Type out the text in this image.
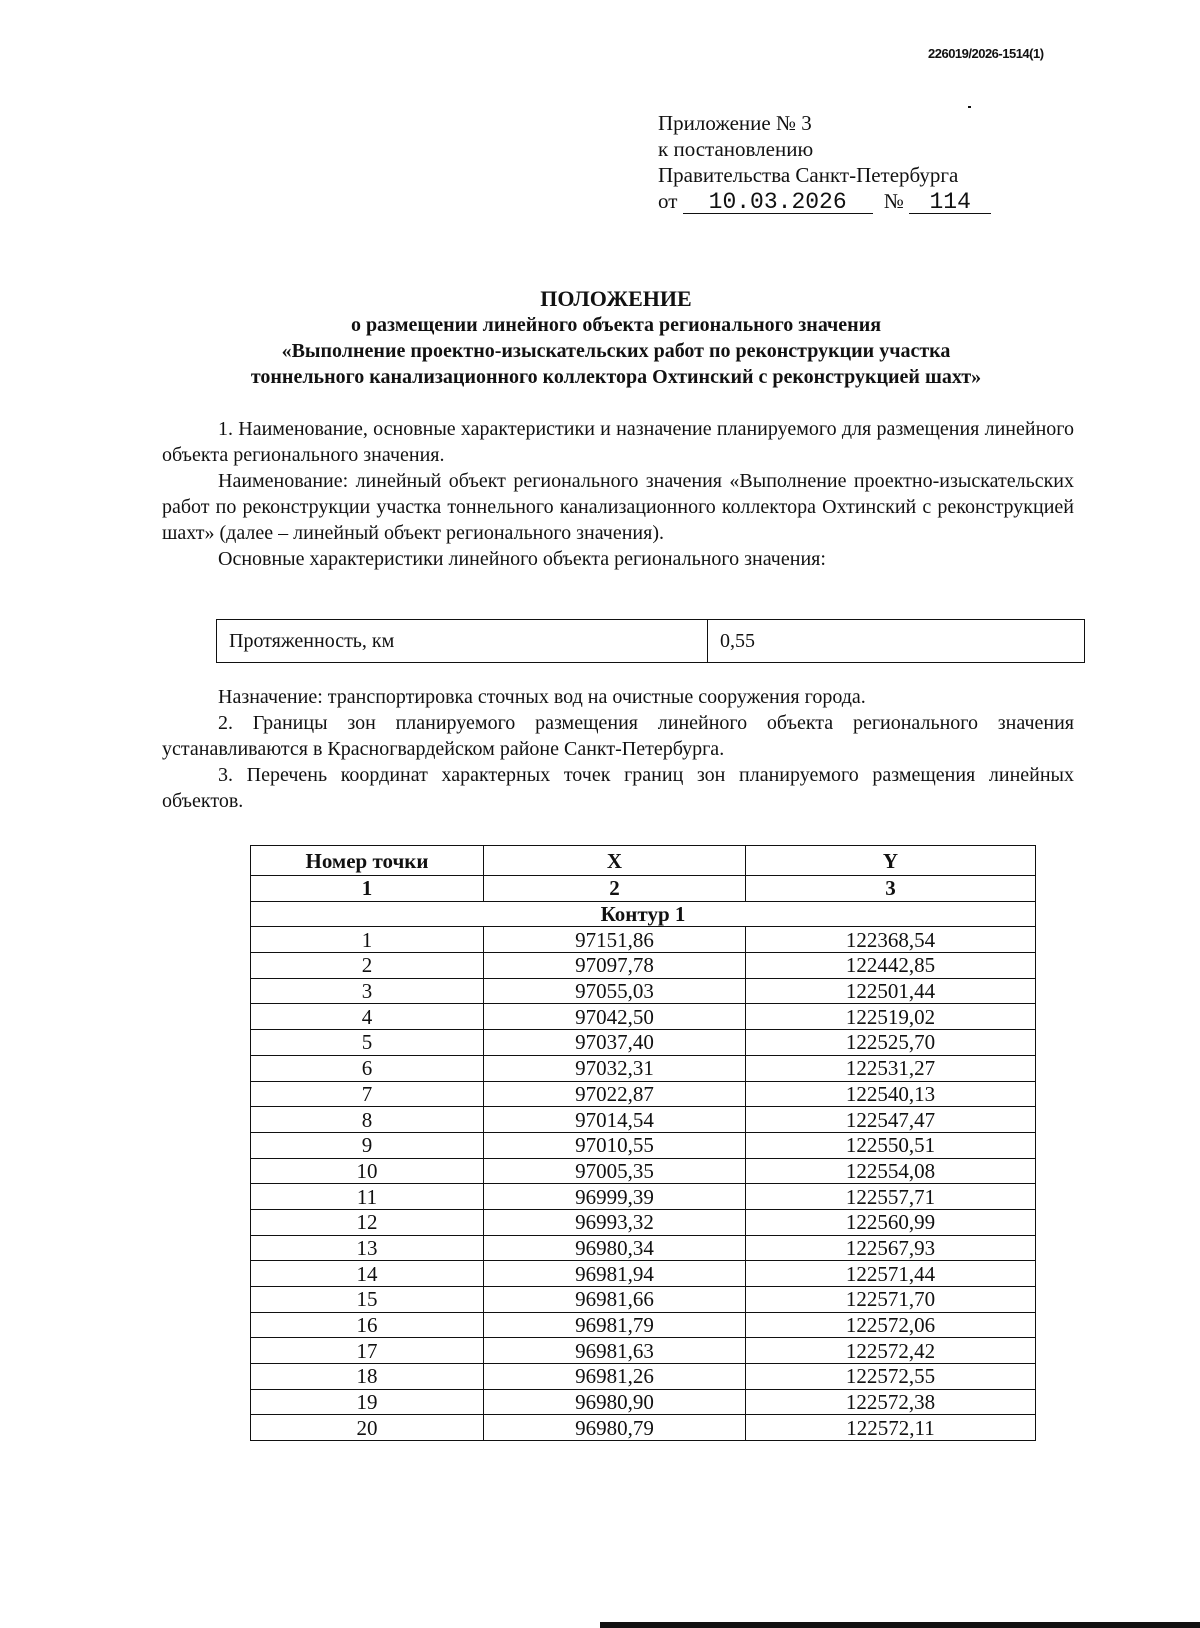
226019/2026-1514(1)
Приложение № 3
к постановлению
Правительства Санкт-Петербурга
от 10.03.2026 № 114
ПОЛОЖЕНИЕ
о размещении линейного объекта регионального значения
«Выполнение проектно-изыскательских работ по реконструкции участка
тоннельного канализационного коллектора Охтинский с реконструкцией шахт»

1. Наименование, основные характеристики и назначение планируемого для размещения линейного объекта регионального значения.

Наименование: линейный объект регионального значения «Выполнение проектно-изыскательских работ по реконструкции участка тоннельного канализационного коллектора Охтинский с реконструкцией шахт» (далее – линейный объект регионального значения).

Основные характеристики линейного объекта регионального значения:

Протяженность, км	0,55

Назначение: транспортировка сточных вод на очистные сооружения города.

2. Границы зон планируемого размещения линейного объекта регионального значения устанавливаются в Красногвардейском районе Санкт-Петербурга.

3. Перечень координат характерных точек границ зон планируемого размещения линейных объектов.

Номер точки	X	Y
1	2	3
Контур 1		
1	97151,86	122368,54
2	97097,78	122442,85
3	97055,03	122501,44
4	97042,50	122519,02
5	97037,40	122525,70
6	97032,31	122531,27
7	97022,87	122540,13
8	97014,54	122547,47
9	97010,55	122550,51
10	97005,35	122554,08
11	96999,39	122557,71
12	96993,32	122560,99
13	96980,34	122567,93
14	96981,94	122571,44
15	96981,66	122571,70
16	96981,79	122572,06
17	96981,63	122572,42
18	96981,26	122572,55
19	96980,90	122572,38
20	96980,79	122572,11
